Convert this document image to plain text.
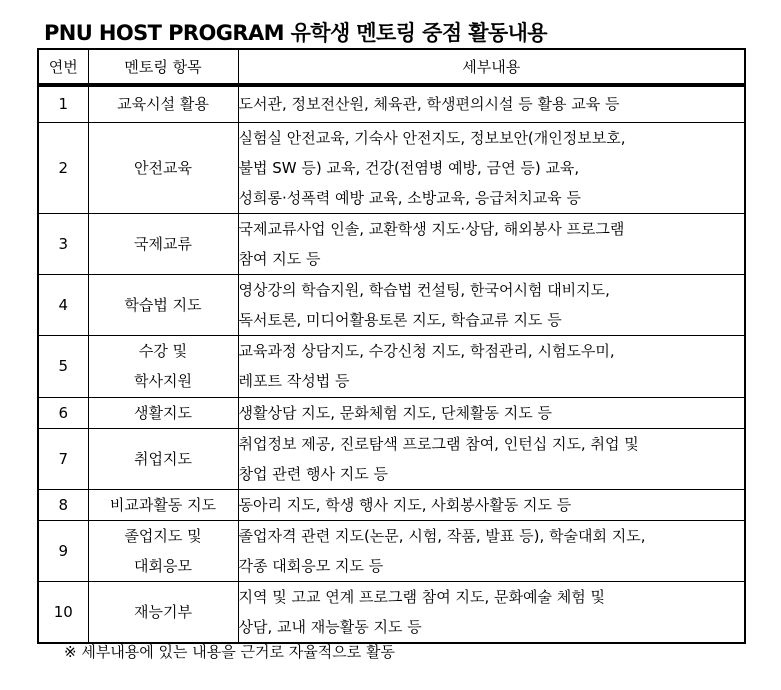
PNU HOST PROGRAM 유학생 멘토링 중점 활동내용
연번	멘토링 항목	세부내용
1	교육시설 활용	도서관, 정보전산원, 체육관, 학생편의시설 등 활용 교육 등

2	안전교육	실험실 안전교육, 기숙사 안전지도, 정보보안(개인정보보호,
불법 SW 등) 교육, 건강(전염병 예방, 금연 등) 교육,
성희롱·성폭력 예방 교육, 소방교육, 응급처치교육 등

3	국제교류	국제교류사업 인솔, 교환학생 지도·상담, 해외봉사 프로그램
참여 지도 등

4	학습법 지도	영상강의 학습지원, 학습법 컨설팅, 한국어시험 대비지도,
독서토론, 미디어활용토론 지도, 학습교류 지도 등

5	수강 및
학사지원	교육과정 상담지도, 수강신청 지도, 학점관리, 시험도우미,
레포트 작성법 등

6	생활지도	생활상담 지도, 문화체험 지도, 단체활동 지도 등

7	취업지도	취업정보 제공, 진로탐색 프로그램 참여, 인턴십 지도, 취업 및
창업 관련 행사 지도 등

8	비교과활동 지도	동아리 지도, 학생 행사 지도, 사회봉사활동 지도 등

9	졸업지도 및
대회응모	졸업자격 관련 지도(논문, 시험, 작품, 발표 등), 학술대회 지도,
각종 대회응모 지도 등

10	재능기부	지역 및 고교 연계 프로그램 참여 지도, 문화예술 체험 및
상담, 교내 재능활동 지도 등
※ 세부내용에 있는 내용을 근거로 자율적으로 활동
